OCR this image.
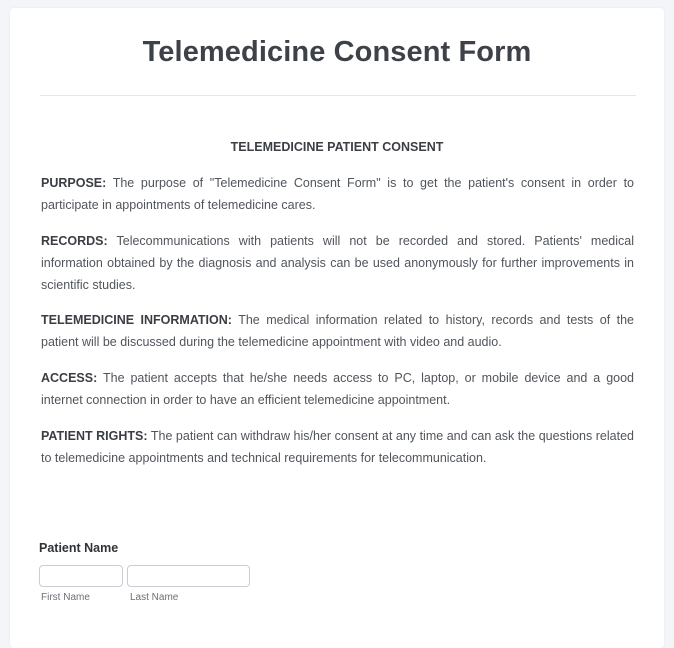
Telemedicine Consent Form
TELEMEDICINE PATIENT CONSENT
PURPOSE: The purpose of "Telemedicine Consent Form" is to get the patient's consent in order to participate in appointments of telemedicine cares.
RECORDS: Telecommunications with patients will not be recorded and stored. Patients' medical information obtained by the diagnosis and analysis can be used anonymously for further improvements in scientific studies.
TELEMEDICINE INFORMATION: The medical information related to history, records and tests of the patient will be discussed during the telemedicine appointment with video and audio.
ACCESS: The patient accepts that he/she needs access to PC, laptop, or mobile device and a good internet connection in order to have an efficient telemedicine appointment.
PATIENT RIGHTS: The patient can withdraw his/her consent at any time and can ask the questions related to telemedicine appointments and technical requirements for telecommunication.
Patient Name
First Name	Last Name
